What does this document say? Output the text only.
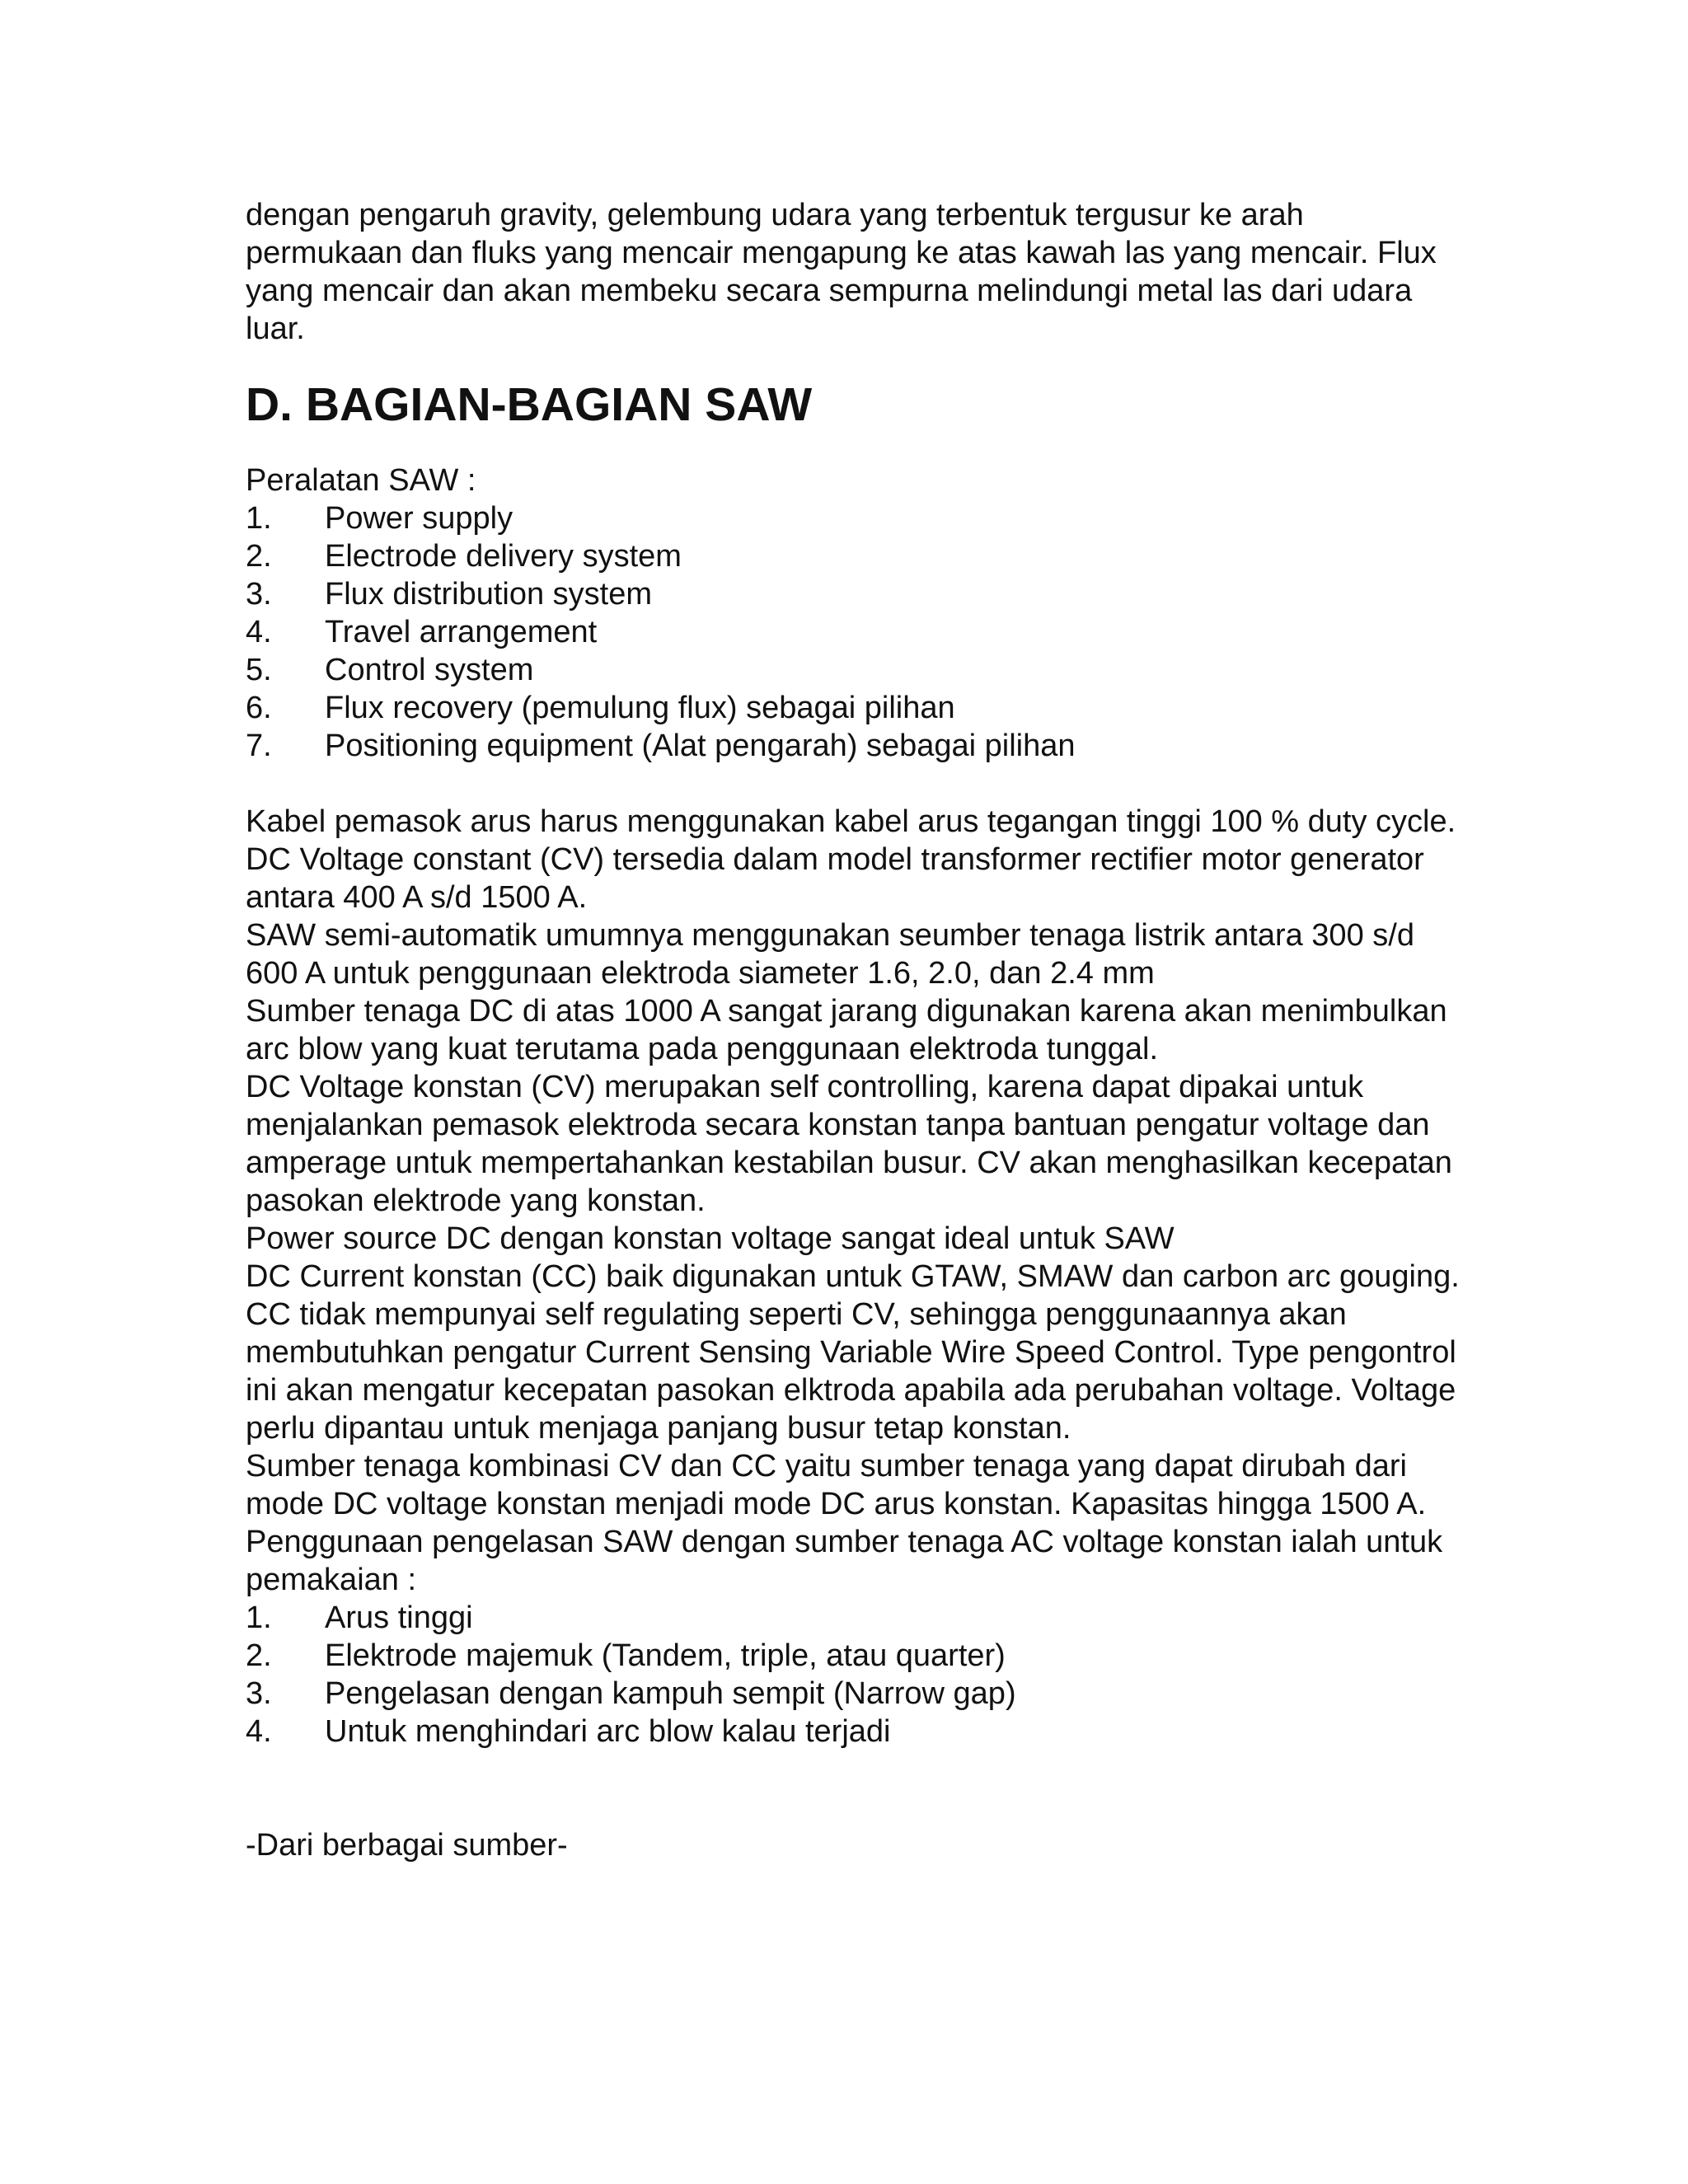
dengan pengaruh gravity, gelembung udara yang terbentuk tergusur ke arah permukaan dan fluks yang mencair mengapung ke atas kawah las yang mencair. Flux yang mencair dan akan membeku secara sempurna melindungi metal las dari udara luar.

D. BAGIAN-BAGIAN SAW

Peralatan SAW :

1.	Power supply
2.	Electrode delivery system
3.	Flux distribution system
4.	Travel arrangement
5.	Control system
6.	Flux recovery (pemulung flux) sebagai pilihan
7.	Positioning equipment (Alat pengarah) sebagai pilihan

Kabel pemasok arus harus menggunakan kabel arus tegangan tinggi 100 % duty cycle. DC Voltage constant (CV) tersedia dalam model transformer rectifier motor generator antara 400 A s/d 1500 A.

SAW semi-automatik umumnya menggunakan seumber tenaga listrik antara 300 s/d 600 A untuk penggunaan elektroda siameter 1.6, 2.0, dan 2.4 mm

Sumber tenaga DC di atas 1000 A sangat jarang digunakan karena akan menimbulkan arc blow yang kuat terutama pada penggunaan elektroda tunggal.

DC Voltage konstan (CV) merupakan self controlling, karena dapat dipakai untuk menjalankan pemasok elektroda secara konstan tanpa bantuan pengatur voltage dan amperage untuk mempertahankan kestabilan busur. CV akan menghasilkan kecepatan pasokan elektrode yang konstan.

Power source DC dengan konstan voltage sangat ideal untuk SAW

DC Current konstan (CC) baik digunakan untuk GTAW, SMAW dan carbon arc gouging. CC tidak mempunyai self regulating seperti CV, sehingga penggunaannya akan membutuhkan pengatur Current Sensing Variable Wire Speed Control. Type pengontrol ini akan mengatur kecepatan pasokan elktroda apabila ada perubahan voltage. Voltage perlu dipantau untuk menjaga panjang busur tetap konstan.

Sumber tenaga kombinasi CV dan CC yaitu sumber tenaga yang dapat dirubah dari mode DC voltage konstan menjadi mode DC arus konstan. Kapasitas hingga 1500 A.

Penggunaan pengelasan SAW dengan sumber tenaga AC voltage konstan ialah untuk pemakaian :

1.	Arus tinggi
2.	Elektrode majemuk (Tandem, triple, atau quarter)
3.	Pengelasan dengan kampuh sempit (Narrow gap)
4.	Untuk menghindari arc blow kalau terjadi

-Dari berbagai sumber-
